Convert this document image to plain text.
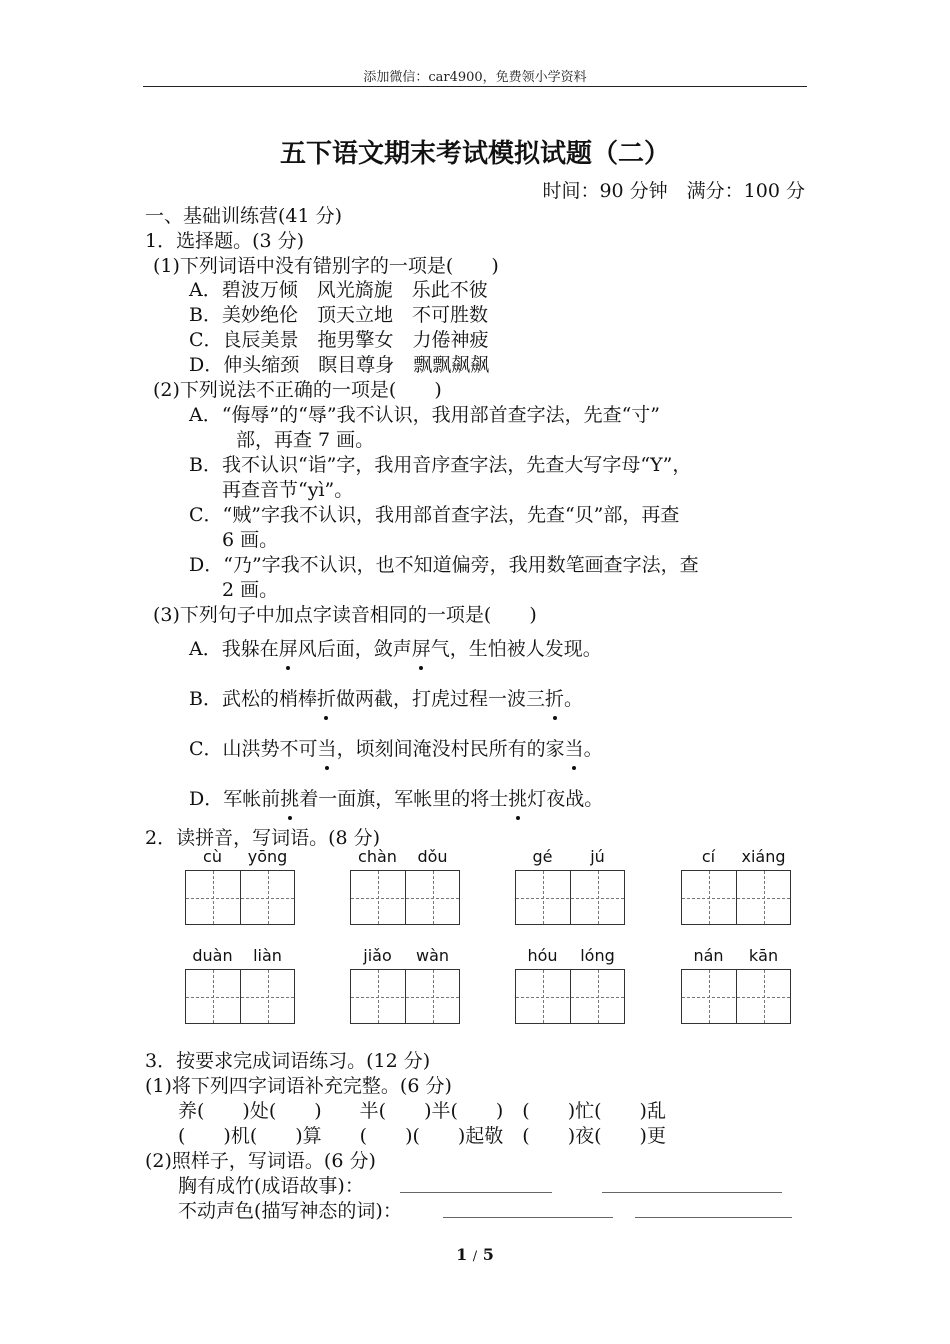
添加微信：car4900，免费领小学资料
五下语文期末考试模拟试题（二）
时间：90 分钟　满分：100 分
一、基础训练营(41 分)
1．选择题。(3 分)
(1)下列词语中没有错别字的一项是(　　)
A．碧波万倾　风光旖旎　乐此不彼
B．美妙绝伦　顶天立地　不可胜数
C．良辰美景　拖男擎女　力倦神疲
D．伸头缩颈　瞑目尊身　飘飘飙飙
(2)下列说法不正确的一项是(　　)
A．“侮辱”的“辱”我不认识，我用部首查字法，先查“寸”
部，再查 7 画。
B．我不认识“诣”字，我用音序查字法，先查大写字母“Y”，
再查音节“yì”。
C．“贼”字我不认识，我用部首查字法，先查“贝”部，再查
6 画。
D．“乃”字我不认识，也不知道偏旁，我用数笔画查字法，查
2 画。
(3)下列句子中加点字读音相同的一项是(　　)
A．我躲在屏风后面，敛声屏气，生怕被人发现。
B．武松的梢棒折做两截，打虎过程一波三折。
C．山洪势不可当，顷刻间淹没村民所有的家当。
D．军帐前挑着一面旗，军帐里的将士挑灯夜战。
2．读拼音，写词语。(8 分)
cù	yōng	chàn	dǒu	gé	jú	cí	xiáng
duàn	liàn	jiǎo	wàn	hóu	lóng	nán	kān
3．按要求完成词语练习。(12 分)
(1)将下列四字词语补充完整。(6 分)
养(　　)处(　　)　　半(　　)半(　　)　(　　)忙(　　)乱
(　　)机(　　)算　　(　　)(　　)起敬　(　　)夜(　　)更
(2)照样子，写词语。(6 分)
胸有成竹(成语故事)：
不动声色(描写神态的词)：
1 / 5
